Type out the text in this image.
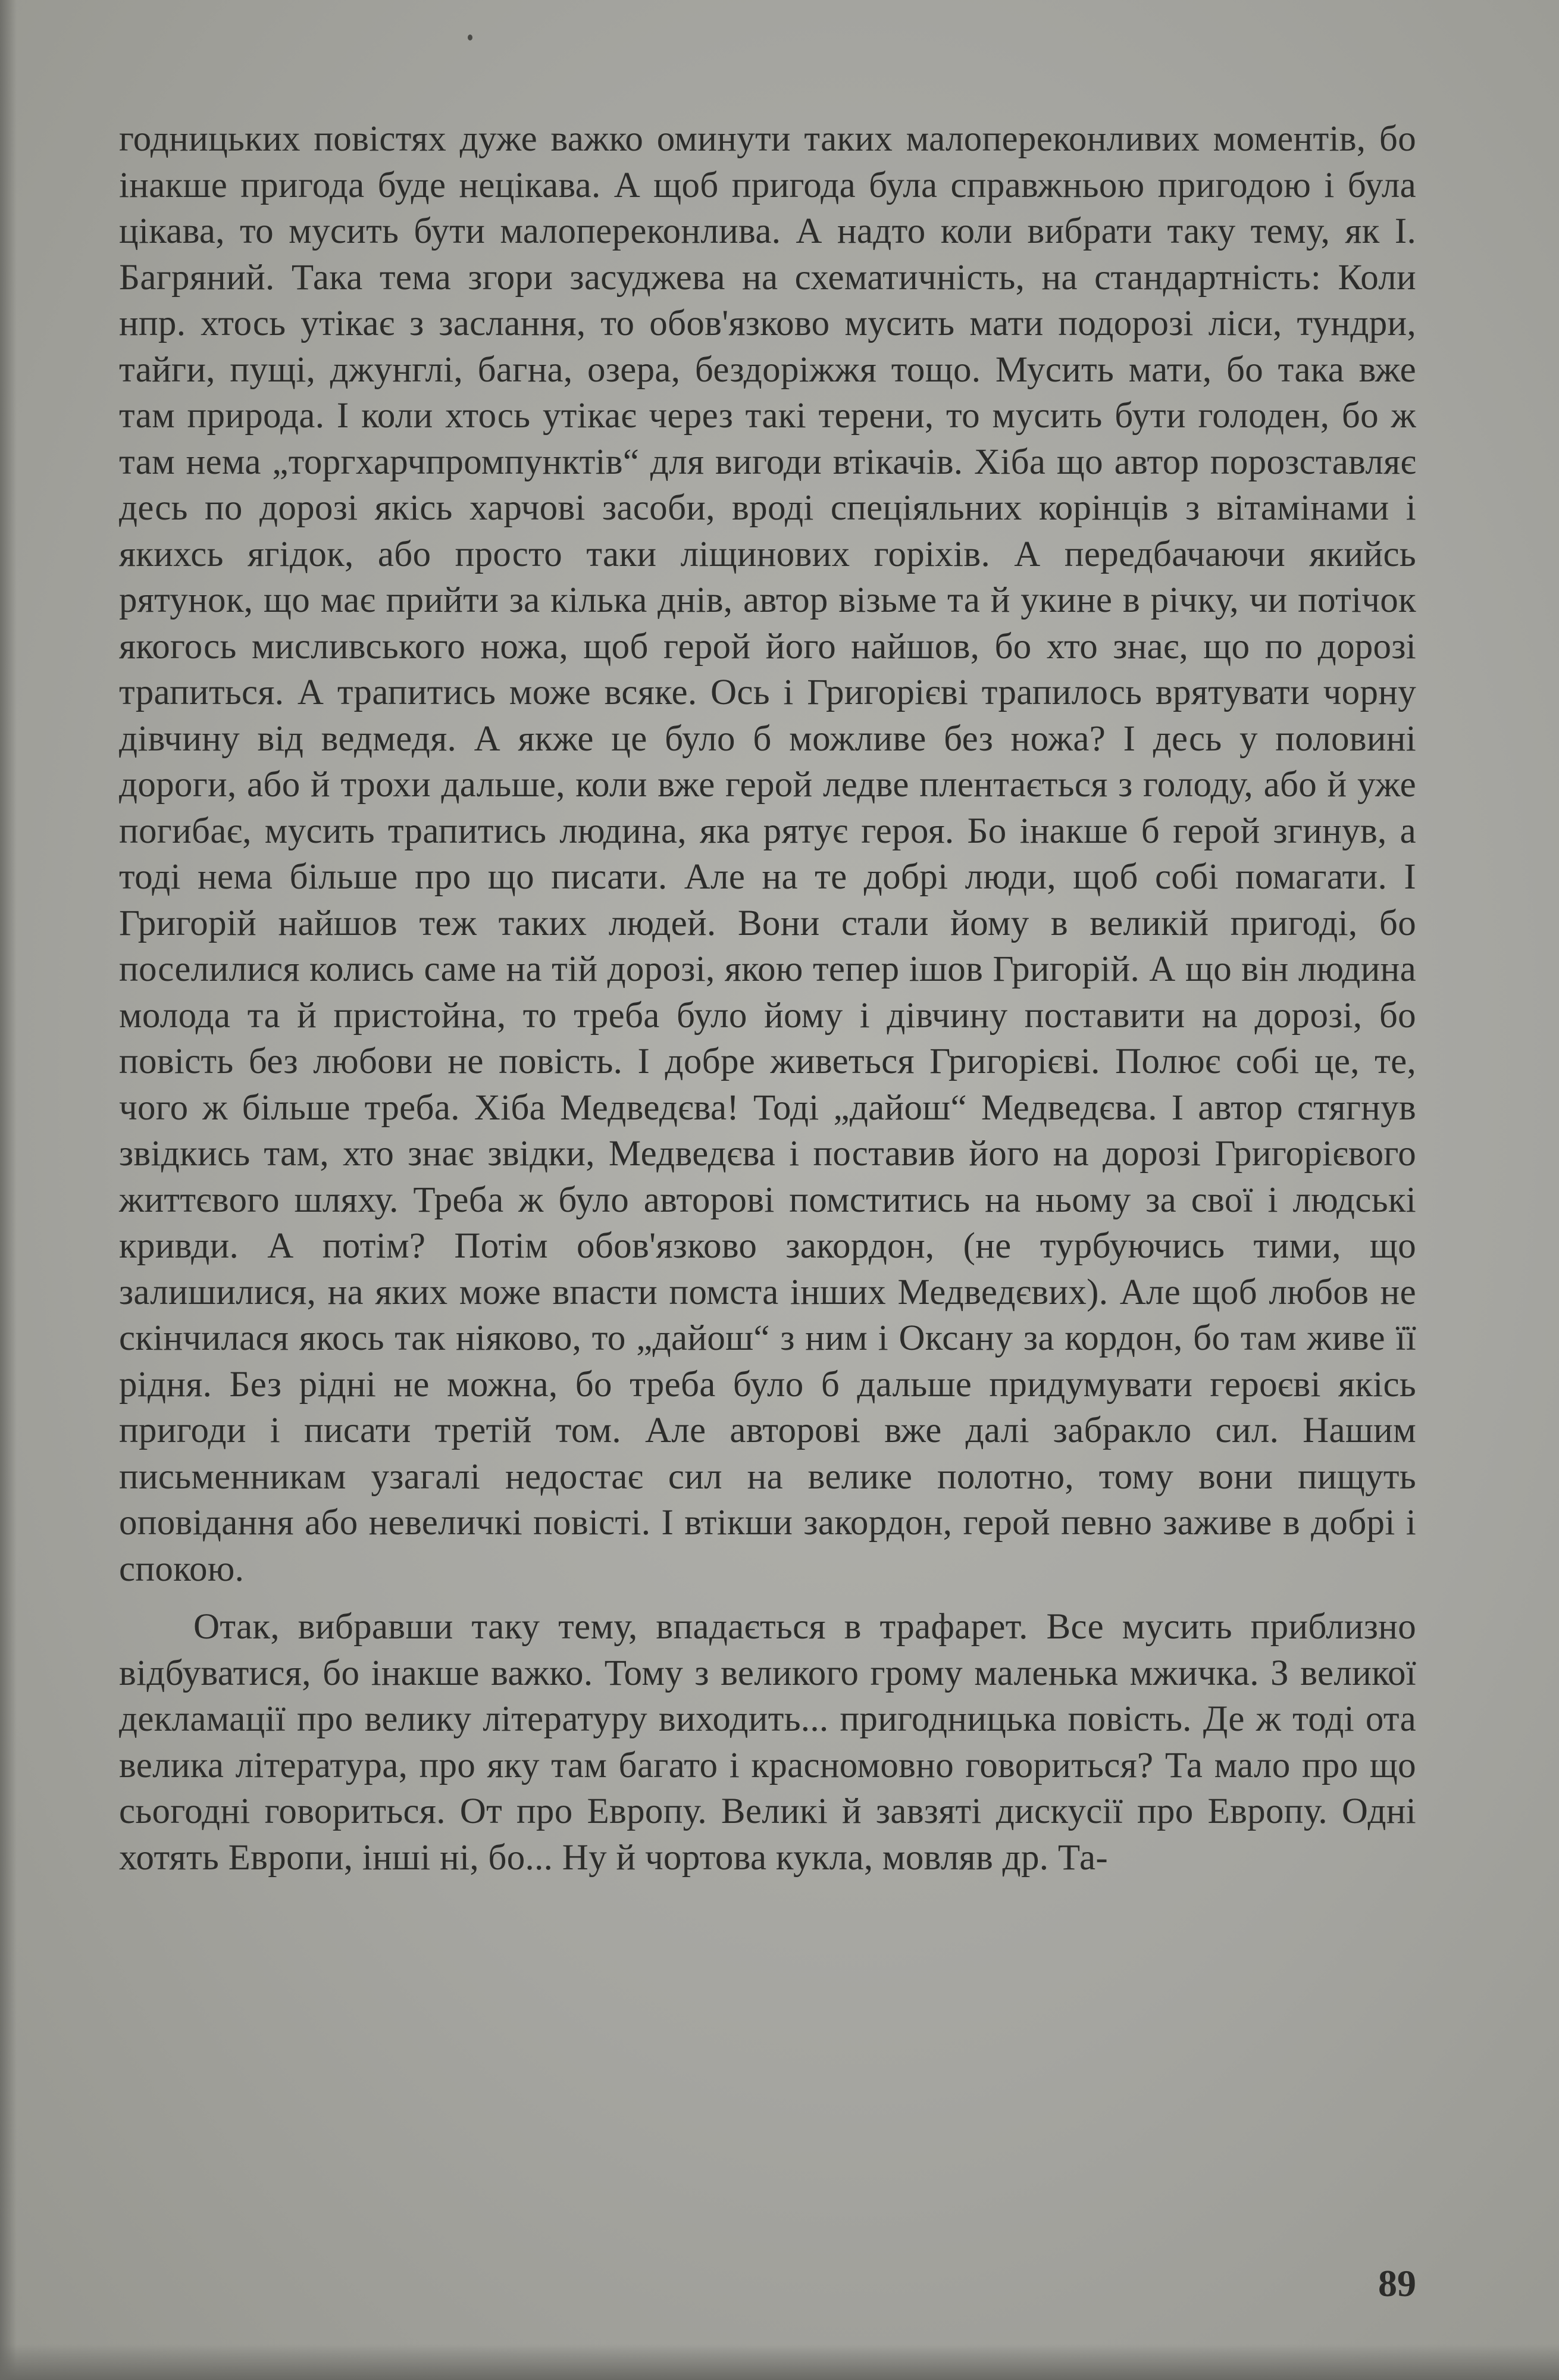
годницьких повістях дуже важко оминути таких малопереконливих моментів, бо інакше пригода буде нецікава. А щоб пригода була справжньою пригодою і була цікава, то мусить бути малопереконлива. А надто коли вибрати таку тему, як І. Багряний. Така тема згори засуджева на схематичність, на стандартність: Коли нпр. хтось утікає з заслання, то обов'язково мусить мати подорозі ліси, тундри, тайги, пущі, джунглі, багна, озера, бездоріжжя тощо. Мусить мати, бо така вже там природа. І коли хтось утікає через такі терени, то мусить бути голоден, бо ж там нема „торгхарчпромпунктів“ для вигоди втікачів. Хіба що автор порозставляє десь по дорозі якісь харчові засоби, вроді спеціяльних корінців з вітамінами і якихсь ягідок, або просто таки ліщинових горіхів. А передбачаючи якийсь рятунок, що має прийти за кілька днів, автор візьме та й укине в річку, чи потічок якогось мисливського ножа, щоб герой його найшов, бо хто знає, що по дорозі трапиться. А трапитись може всяке. Ось і Григорієві трапилось врятувати чорну дівчину від ведмедя. А якже це було б можливе без ножа? І десь у половині дороги, або й трохи дальше, коли вже герой ледве плентається з голоду, або й уже погибає, мусить трапитись людина, яка рятує героя. Бо інакше б герой згинув, а тоді нема більше про що писати. Але на те добрі люди, щоб собі помагати. І Григорій найшов теж таких людей. Вони стали йому в великій пригоді, бо поселилися колись саме на тій дорозі, якою тепер ішов Григорій. А що він людина молода та й пристойна, то треба було йому і дівчину поставити на дорозі, бо повість без любови не повість. І добре живеться Григорієві. Полює собі це, те, чого ж більше треба. Хіба Медведєва! Тоді „дайош“ Медведєва. І автор стягнув звідкись там, хто знає звідки, Медведєва і поставив його на дорозі Григорієвого життєвого шляху. Треба ж було авторові помститись на ньому за свої і людські кривди. А потім? Потім обов'язково закордон, (не турбуючись тими, що залишилися, на яких може впасти помста інших Медведєвих). Але щоб любов не скінчилася якось так ніяково, то „дайош“ з ним і Оксану за кордон, бо там живе її рідня. Без рідні не можна, бо треба було б дальше придумувати героєві якісь пригоди і писати третій том. Але авторові вже далі забракло сил. Нашим письменникам узагалі недостає сил на велике полотно, тому вони пищуть оповідання або невеличкі повісті. І втікши закордон, герой певно заживе в добрі і спокою.

Отак, вибравши таку тему, впадається в трафарет. Все мусить приблизно відбуватися, бо інакше важко. Тому з великого грому маленька мжичка. З великої декламації про велику літературу виходить... пригодницька повість. Де ж тоді ота велика література, про яку там багато і красномовно говориться? Та мало про що сьогодні говориться. От про Европу. Великі й завзяті дискусії про Европу. Одні хотять Европи, інші ні, бо... Ну й чортова кукла, мовляв др. Та-

89
